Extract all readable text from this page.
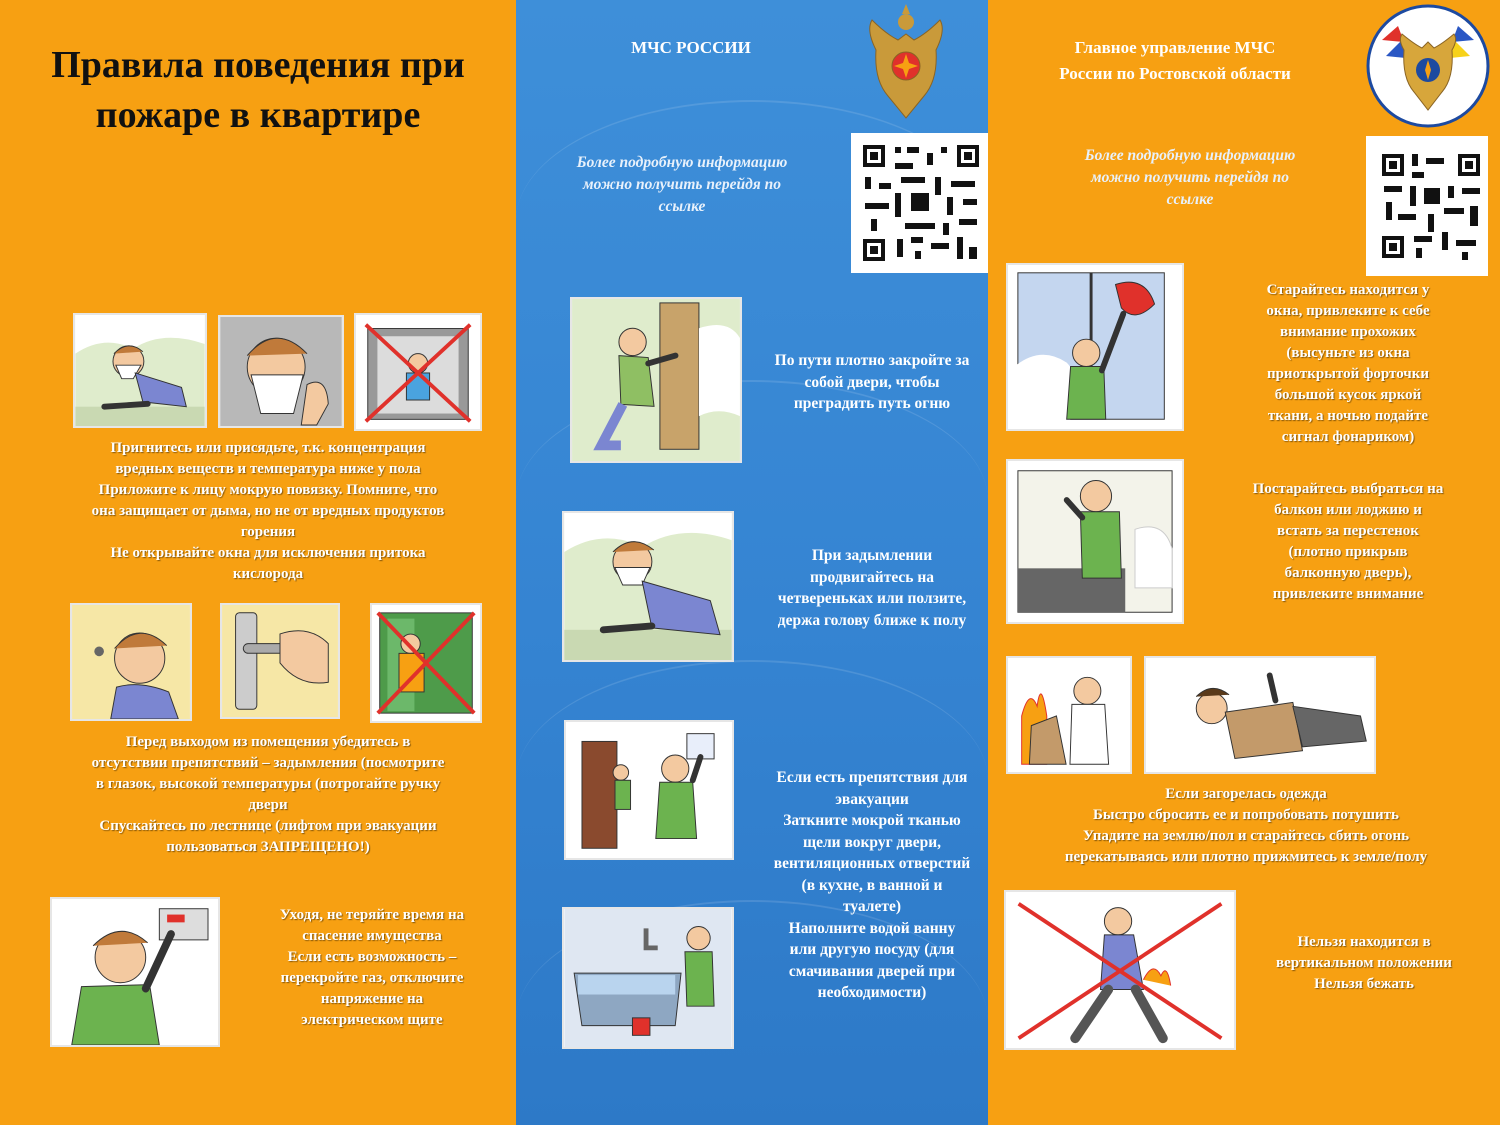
Правила поведения при
пожаре в квартире
Пригнитесь или присядьте, т.к. концентрация
вредных веществ и температура ниже у пола
Приложите к лицу мокрую повязку. Помните, что
она защищает от дыма, но не от вредных продуктов
горения
Не открывайте окна для исключения притока
кислорода
Перед выходом из помещения убедитесь в
отсутствии препятствий – задымления (посмотрите
в глазок, высокой температуры (потрогайте ручку
двери
Спускайтесь по лестнице (лифтом при эвакуации
пользоваться ЗАПРЕЩЕНО!)
Уходя, не теряйте время на
спасение имущества
Если есть возможность –
перекройте газ, отключите
напряжение на
электрическом щите
МЧС РОССИИ
Более подробную информацию
можно получить перейдя по
ссылке
По пути плотно закройте за
собой двери, чтобы
преградить путь огню
При задымлении
продвигайтесь на
четвереньках или ползите,
держа голову ближе к полу
Если есть препятствия для
эвакуации
Заткните мокрой тканью
щели вокруг двери,
вентиляционных отверстий
(в кухне, в ванной и
туалете)
Наполните водой ванну
или другую посуду (для
смачивания дверей при
необходимости)
Главное управление МЧС
России по Ростовской области
Более подробную информацию
можно получить перейдя по
ссылке
Старайтесь находится у
окна, привлеките к себе
внимание прохожих
(высуньте из окна
приоткрытой форточки
большой кусок яркой
ткани, а ночью подайте
сигнал фонариком)
Постарайтесь выбраться на
балкон или лоджию и
встать за перестенок
(плотно прикрыв
балконную дверь),
привлеките внимание
Если загорелась одежда
Быстро сбросить ее и попробовать потушить
Упадите на землю/пол и старайтесь сбить огонь
перекатываясь или плотно прижмитесь к земле/полу
Нельзя находится в
вертикальном положении
Нельзя бежать
